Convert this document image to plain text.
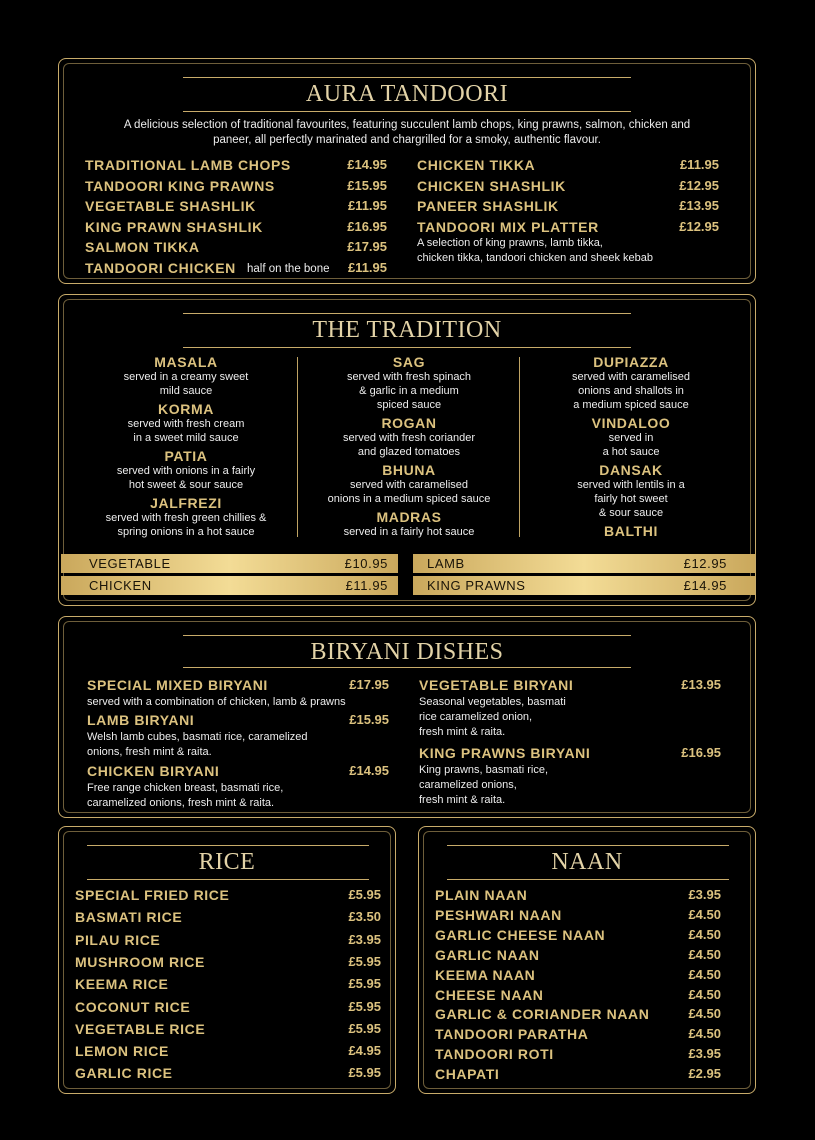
AURA TANDOORI
A delicious selection of traditional favourites, featuring succulent lamb chops, king prawns, salmon, chicken and
paneer, all perfectly marinated and chargrilled for a smoky, authentic flavour.
TRADITIONAL LAMB CHOPS	£14.95
TANDOORI KING PRAWNS	£15.95
VEGETABLE SHASHLIK	£11.95
KING PRAWN SHASHLIK	£16.95
SALMON TIKKA	£17.95
TANDOORI CHICKEN half on the bone	£11.95
CHICKEN TIKKA	£11.95
CHICKEN SHASHLIK	£12.95
PANEER SHASHLIK	£13.95
TANDOORI MIX PLATTER	£12.95
A selection of king prawns, lamb tikka,
chicken tikka, tandoori chicken and sheek kebab
THE TRADITION
MASALA
served in a creamy sweet
mild sauce
KORMA
served with fresh cream
in a sweet mild sauce
PATIA
served with onions in a fairly
hot sweet & sour sauce
JALFREZI
served with fresh green chillies &
spring onions in a hot sauce
SAG
served with fresh spinach
& garlic in a medium
spiced sauce
ROGAN
served with fresh coriander
and glazed tomatoes
BHUNA
served with caramelised
onions in a medium spiced sauce
MADRAS
served in a fairly hot sauce
DUPIAZZA
served with caramelised
onions and shallots in
a medium spiced sauce
VINDALOO
served in
a hot sauce
DANSAK
served with lentils in a
fairly hot sweet
& sour sauce
BALTHI
VEGETABLE	£10.95
CHICKEN	£11.95
LAMB	£12.95
KING PRAWNS	£14.95
BIRYANI DISHES
SPECIAL MIXED BIRYANI	£17.95
served with a combination of chicken, lamb & prawns
LAMB BIRYANI	£15.95
Welsh lamb cubes, basmati rice, caramelized
onions, fresh mint & raita.
CHICKEN BIRYANI	£14.95
Free range chicken breast, basmati rice,
caramelized onions, fresh mint & raita.
VEGETABLE BIRYANI	£13.95
Seasonal vegetables, basmati
rice caramelized onion,
fresh mint & raita.
KING PRAWNS BIRYANI	£16.95
King prawns, basmati rice,
caramelized onions,
fresh mint & raita.
RICE
SPECIAL FRIED RICE	£5.95
BASMATI RICE	£3.50
PILAU RICE	£3.95
MUSHROOM RICE	£5.95
KEEMA RICE	£5.95
COCONUT RICE	£5.95
VEGETABLE RICE	£5.95
LEMON RICE	£4.95
GARLIC RICE	£5.95
NAAN
PLAIN NAAN	£3.95
PESHWARI NAAN	£4.50
GARLIC CHEESE NAAN	£4.50
GARLIC NAAN	£4.50
KEEMA NAAN	£4.50
CHEESE NAAN	£4.50
GARLIC & CORIANDER NAAN	£4.50
TANDOORI PARATHA	£4.50
TANDOORI ROTI	£3.95
CHAPATI	£2.95
